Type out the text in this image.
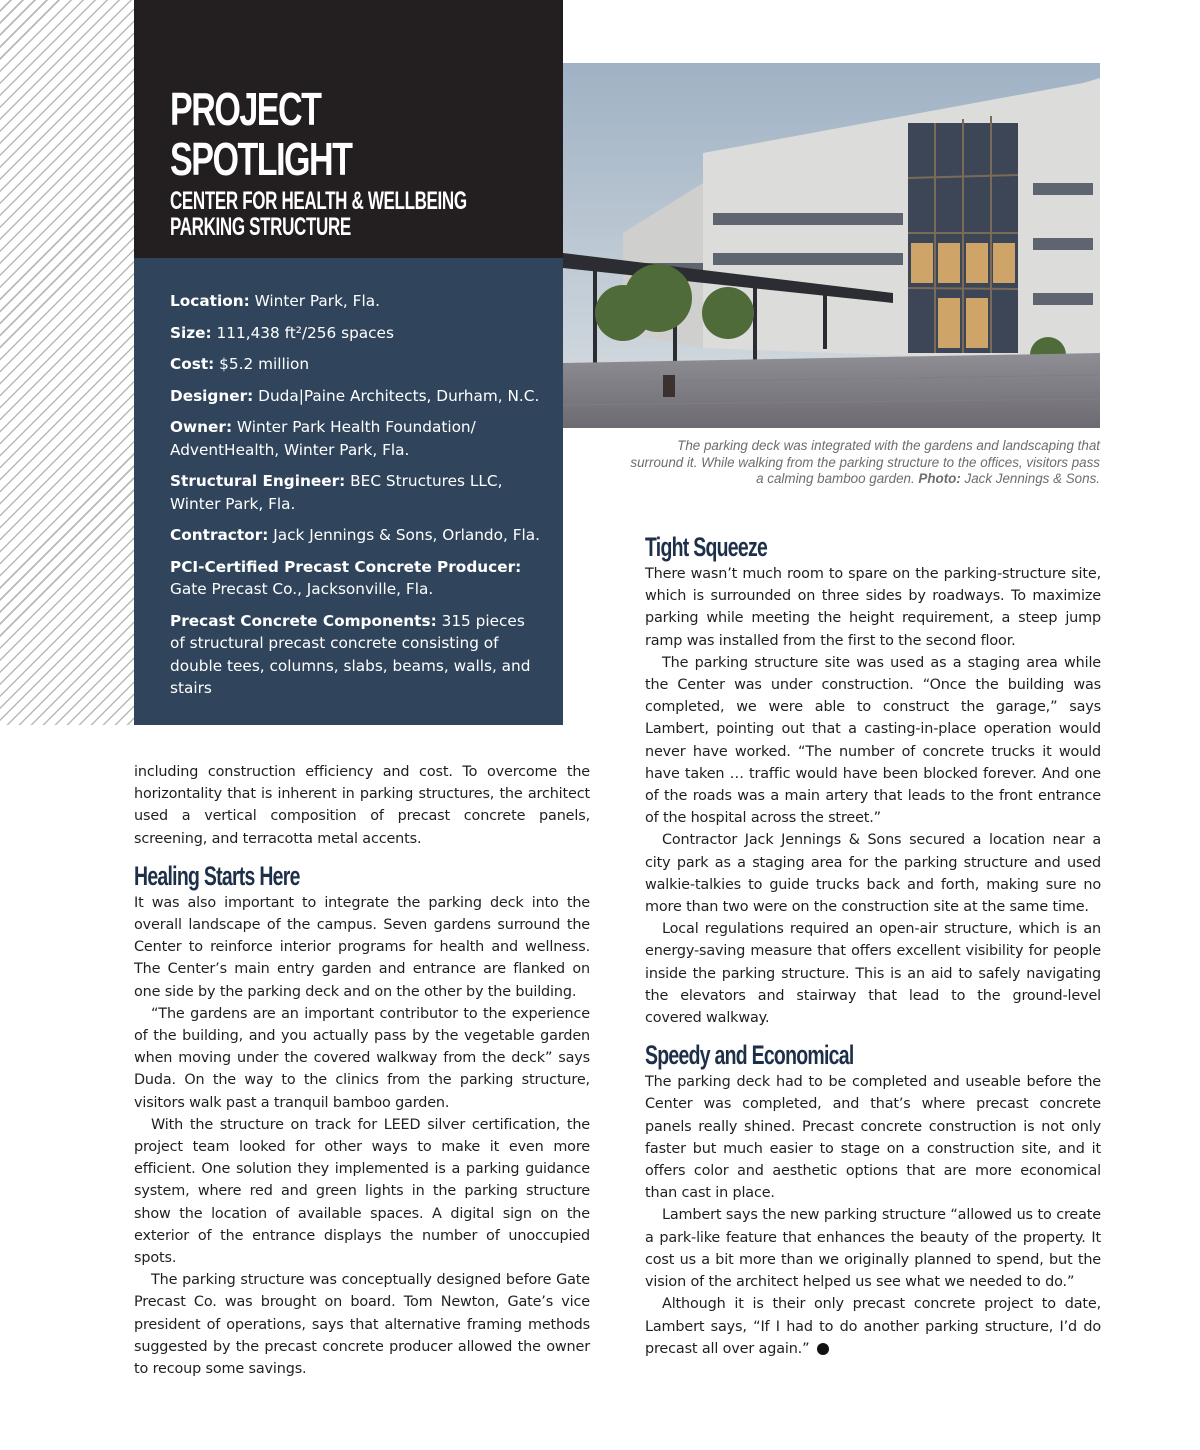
PROJECT
SPOTLIGHT
CENTER FOR HEALTH & WELLBEING
PARKING STRUCTURE

Location: Winter Park, Fla.

Size: 111,438 ft²/256 spaces

Cost: $5.2 million

Designer: Duda|Paine Architects, Durham, N.C.

Owner: Winter Park Health Foundation/ AdventHealth, Winter Park, Fla.

Structural Engineer: BEC Structures LLC, Winter Park, Fla.

Contractor: Jack Jennings & Sons, Orlando, Fla.

PCI-Certified Precast Concrete Producer: Gate Precast Co., Jacksonville, Fla.

Precast Concrete Components: 315 pieces of structural precast concrete consisting of double tees, columns, slabs, beams, walls, and stairs

The parking deck was integrated with the gardens and landscaping that surround it. While walking from the parking structure to the offices, visitors pass a calming bamboo garden. Photo: Jack Jennings & Sons.

including construction efficiency and cost. To overcome the horizontality that is inherent in parking structures, the architect used a vertical composition of precast concrete panels, screening, and terracotta metal accents.

Healing Starts Here

It was also important to integrate the parking deck into the overall landscape of the campus. Seven gardens surround the Center to reinforce interior programs for health and wellness. The Center’s main entry garden and entrance are flanked on one side by the parking deck and on the other by the building.

“The gardens are an important contributor to the experience of the building, and you actually pass by the vegetable garden when moving under the covered walkway from the deck” says Duda. On the way to the clinics from the parking structure, visitors walk past a tranquil bamboo garden.

With the structure on track for LEED silver certification, the project team looked for other ways to make it even more efficient. One solution they implemented is a parking guidance system, where red and green lights in the parking structure show the location of available spaces. A digital sign on the exterior of the entrance displays the number of unoccupied spots.

The parking structure was conceptually designed before Gate Precast Co. was brought on board. Tom Newton, Gate’s vice president of operations, says that alternative framing methods suggested by the precast concrete producer allowed the owner to recoup some savings.

Tight Squeeze

There wasn’t much room to spare on the parking-structure site, which is surrounded on three sides by roadways. To maximize parking while meeting the height requirement, a steep jump ramp was installed from the first to the second floor.

The parking structure site was used as a staging area while the Center was under construction. “Once the building was completed, we were able to construct the garage,” says Lambert, pointing out that a casting-in-place operation would never have worked. “The number of concrete trucks it would have taken … traffic would have been blocked forever. And one of the roads was a main artery that leads to the front entrance of the hospital across the street.”

Contractor Jack Jennings & Sons secured a location near a city park as a staging area for the parking structure and used walkie-talkies to guide trucks back and forth, making sure no more than two were on the construction site at the same time.

Local regulations required an open-air structure, which is an energy-saving measure that offers excellent visibility for people inside the parking structure. This is an aid to safely navigating the elevators and stairway that lead to the ground-level covered walkway.

Speedy and Economical

The parking deck had to be completed and useable before the Center was completed, and that’s where precast concrete panels really shined. Precast concrete construction is not only faster but much easier to stage on a construction site, and it offers color and aesthetic options that are more economical than cast in place.

Lambert says the new parking structure “allowed us to create a park-like feature that enhances the beauty of the property. It cost us a bit more than we originally planned to spend, but the vision of the architect helped us see what we needed to do.”

Although it is their only precast concrete project to date, Lambert says, “If I had to do another parking structure, I’d do precast all over again.”
